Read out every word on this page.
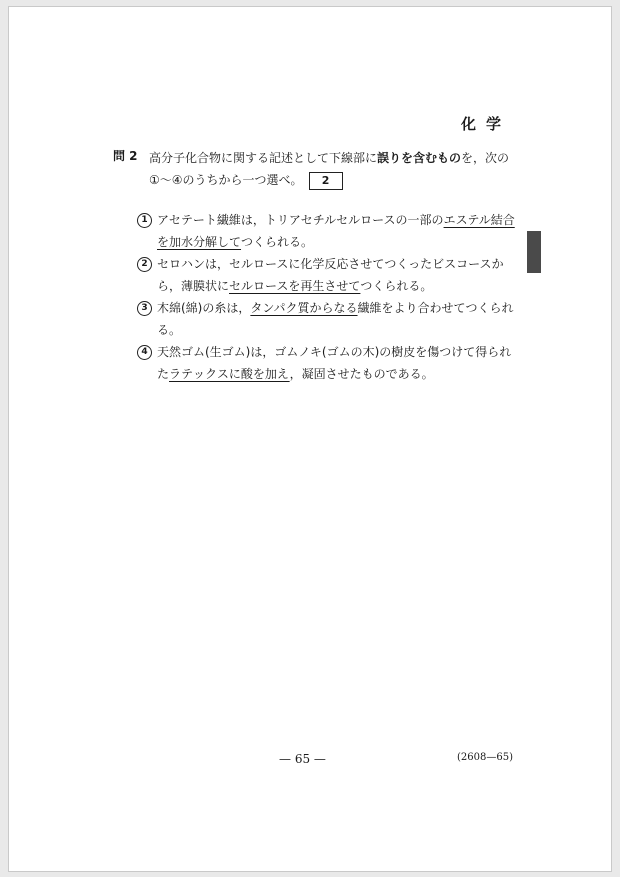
化学
問 2 高分子化合物に関する記述として下線部に誤りを含むものを，次の①～④のうちから一つ選べ。 2
1 アセテート繊維は，トリアセチルセルロースの一部のエステル結合を加水分解してつくられる。
2 セロハンは，セルロースに化学反応させてつくったビスコースから，薄膜状にセルロースを再生させてつくられる。
3 木綿(綿)の糸は，タンパク質からなる繊維をより合わせてつくられる。
4 天然ゴム(生ゴム)は，ゴムノキ(ゴムの木)の樹皮を傷つけて得られたラテックスに酸を加え，凝固させたものである。
— 65 —	(2608—65)
